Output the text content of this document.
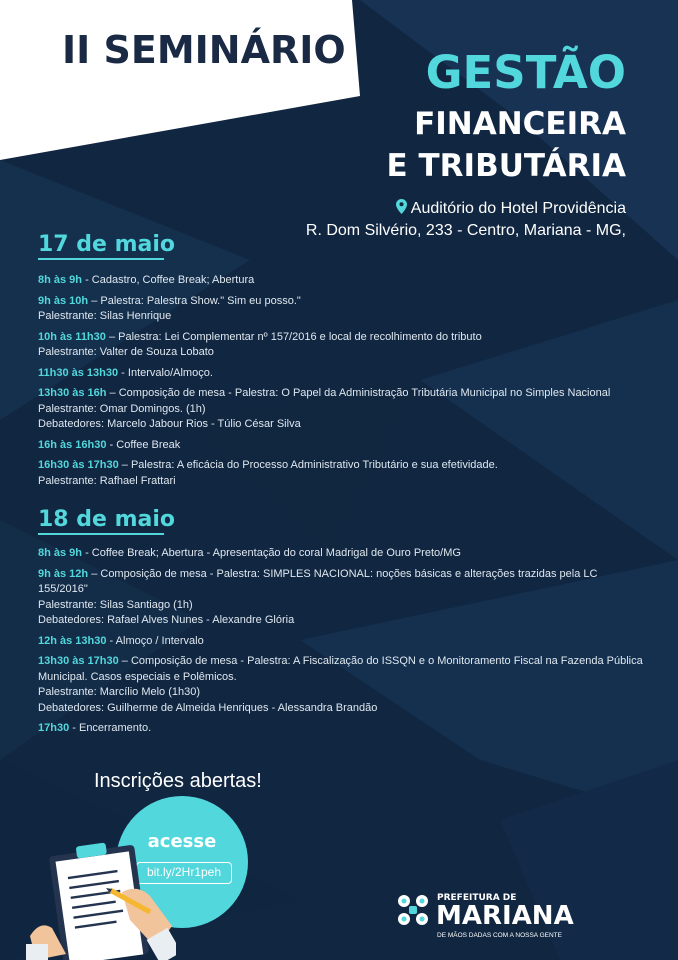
II SEMINÁRIO GESTÃO
FINANCEIRA
E TRIBUTÁRIA
Auditório do Hotel Providência
R. Dom Silvério, 233 - Centro, Mariana - MG,
17 de maio
8h às 9h - Cadastro, Coffee Break; Abertura
9h às 10h – Palestra: Palestra Show." Sim eu posso."
Palestrante: Silas Henrique
10h às 11h30 – Palestra: Lei Complementar nº 157/2016 e local de recolhimento do tributo
Palestrante: Valter de Souza Lobato
11h30 às 13h30 - Intervalo/Almoço.
13h30 às 16h – Composição de mesa - Palestra: O Papel da Administração Tributária Municipal no Simples Nacional
Palestrante: Omar Domingos. (1h)
Debatedores: Marcelo Jabour Rios - Túlio César Silva
16h às 16h30 - Coffee Break
16h30 às 17h30 – Palestra: A eficácia do Processo Administrativo Tributário e sua efetividade.
Palestrante: Rafhael Frattari
18 de maio
8h às 9h - Coffee Break; Abertura - Apresentação do coral Madrigal de Ouro Preto/MG
9h às 12h – Composição de mesa - Palestra: SIMPLES NACIONAL: noções básicas e alterações trazidas pela LC 155/2016"
Palestrante: Silas Santiago (1h)
Debatedores: Rafael Alves Nunes - Alexandre Glória
12h às 13h30 - Almoço / Intervalo
13h30 às 17h30 – Composição de mesa - Palestra: A Fiscalização do ISSQN e o Monitoramento Fiscal na Fazenda Pública Municipal. Casos especiais e Polêmicos.
Palestrante: Marcílio Melo (1h30)
Debatedores: Guilherme de Almeida Henriques - Alessandra Brandão
17h30 - Encerramento.
Inscrições abertas!
acesse
bit.ly/2Hr1peh
PREFEITURA DE
MARIANA
DE MÃOS DADAS COM A NOSSA GENTE
